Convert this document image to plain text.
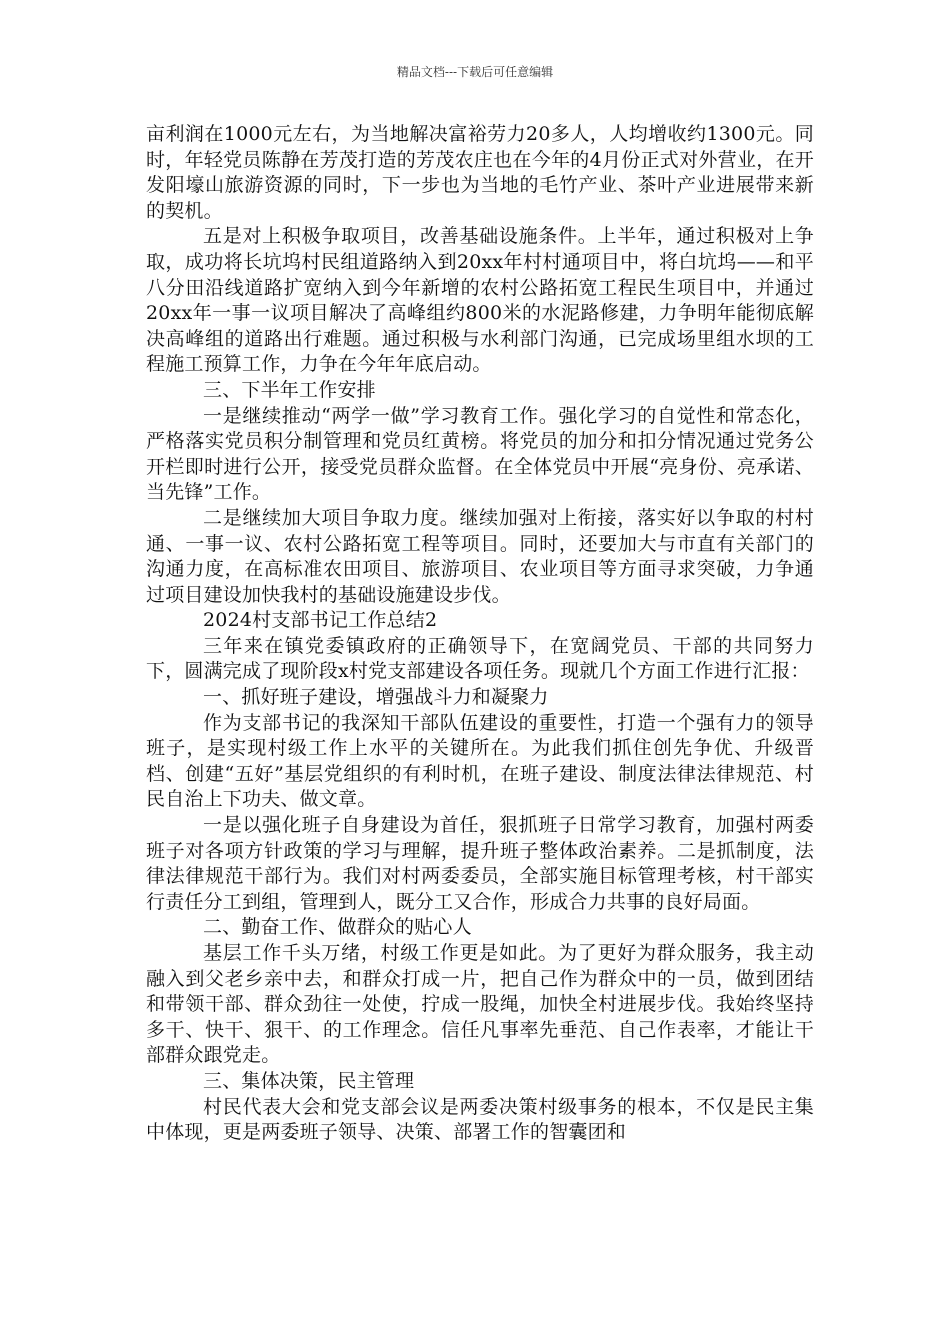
精品文档---下载后可任意编辑

亩利润在1000元左右，为当地解决富裕劳力20多人，人均增收约1300元。同时，年轻党员陈静在芳茂打造的芳茂农庄也在今年的4月份正式对外营业，在开发阳壕山旅游资源的同时，下一步也为当地的毛竹产业、茶叶产业进展带来新的契机。

五是对上积极争取项目，改善基础设施条件。上半年，通过积极对上争取，成功将长坑坞村民组道路纳入到20xx年村村通项目中，将白坑坞——和平八分田沿线道路扩宽纳入到今年新增的农村公路拓宽工程民生项目中，并通过20xx年一事一议项目解决了高峰组约800米的水泥路修建，力争明年能彻底解决高峰组的道路出行难题。通过积极与水利部门沟通，已完成场里组水坝的工程施工预算工作，力争在今年年底启动。

三、下半年工作安排

一是继续推动“两学一做”学习教育工作。强化学习的自觉性和常态化，严格落实党员积分制管理和党员红黄榜。将党员的加分和扣分情况通过党务公开栏即时进行公开，接受党员群众监督。在全体党员中开展“亮身份、亮承诺、当先锋”工作。

二是继续加大项目争取力度。继续加强对上衔接，落实好以争取的村村通、一事一议、农村公路拓宽工程等项目。同时，还要加大与市直有关部门的沟通力度，在高标准农田项目、旅游项目、农业项目等方面寻求突破，力争通过项目建设加快我村的基础设施建设步伐。

2024村支部书记工作总结2

三年来在镇党委镇政府的正确领导下，在宽阔党员、干部的共同努力下，圆满完成了现阶段x村党支部建设各项任务。现就几个方面工作进行汇报：

一、抓好班子建设，增强战斗力和凝聚力

作为支部书记的我深知干部队伍建设的重要性，打造一个强有力的领导班子，是实现村级工作上水平的关键所在。为此我们抓住创先争优、升级晋档、创建“五好”基层党组织的有利时机，在班子建设、制度法律法律规范、村民自治上下功夫、做文章。

一是以强化班子自身建设为首任，狠抓班子日常学习教育，加强村两委班子对各项方针政策的学习与理解，提升班子整体政治素养。二是抓制度，法律法律规范干部行为。我们对村两委委员，全部实施目标管理考核，村干部实行责任分工到组，管理到人，既分工又合作，形成合力共事的良好局面。

二、勤奋工作、做群众的贴心人

基层工作千头万绪，村级工作更是如此。为了更好为群众服务，我主动融入到父老乡亲中去，和群众打成一片，把自己作为群众中的一员，做到团结和带领干部、群众劲往一处使，拧成一股绳，加快全村进展步伐。我始终坚持多干、快干、狠干、的工作理念。信任凡事率先垂范、自己作表率，才能让干部群众跟党走。

三、集体决策，民主管理

村民代表大会和党支部会议是两委决策村级事务的根本，不仅是民主集中体现，更是两委班子领导、决策、部署工作的智囊团和
